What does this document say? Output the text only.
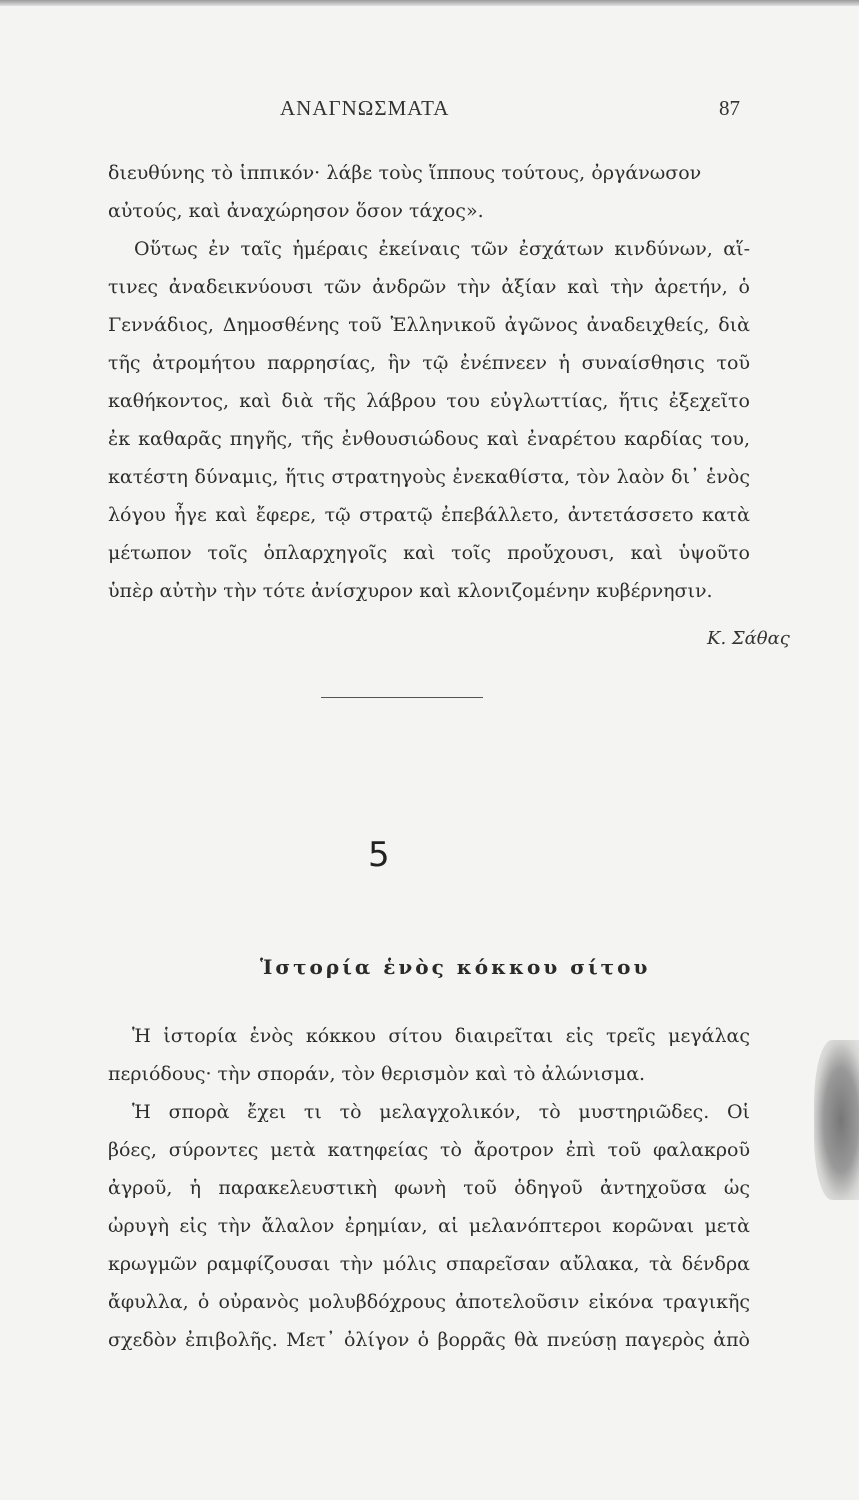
ΑΝΑΓΝΩΣΜΑΤΑ	87
διευθύνης τὸ ἱππικόν· λάβε τοὺς ἵππους τούτους, ὀργάνωσον
αὐτούς, καὶ ἀναχώρησον ὅσον τάχος».
Οὕτως ἐν ταῖς ἡμέραις ἐκείναις τῶν ἐσχάτων κινδύνων, αἵ-
τινες ἀναδεικνύουσι τῶν ἀνδρῶν τὴν ἀξίαν καὶ τὴν ἀρετήν, ὁ
Γεννάδιος, Δημοσθένης τοῦ Ἑλληνικοῦ ἀγῶνος ἀναδειχθείς, διὰ
τῆς ἀτρομήτου παρρησίας, ἣν τῷ ἐνέπνεεν ἡ συναίσθησις τοῦ
καθήκοντος, καὶ διὰ τῆς λάβρου του εὐγλωττίας, ἥτις ἐξεχεῖτο
ἐκ καθαρᾶς πηγῆς, τῆς ἐνθουσιώδους καὶ ἐναρέτου καρδίας του,
κατέστη δύναμις, ἥτις στρατηγοὺς ἐνεκαθίστα, τὸν λαὸν δι᾽ ἑνὸς
λόγου ἦγε καὶ ἔφερε, τῷ στρατῷ ἐπεβάλλετο, ἀντετάσσετο κατὰ
μέτωπον τοῖς ὁπλαρχηγοῖς καὶ τοῖς προὔχουσι, καὶ ὑψοῦτο
ὑπὲρ αὐτὴν τὴν τότε ἀνίσχυρον καὶ κλονιζομένην κυβέρνησιν.
Κ. Σάθας
5
Ἱστορία ἑνὸς κόκκου σίτου
Ἡ ἱστορία ἑνὸς κόκκου σίτου διαιρεῖται εἰς τρεῖς μεγάλας
περιόδους· τὴν σποράν, τὸν θερισμὸν καὶ τὸ ἀλώνισμα.
Ἡ σπορὰ ἔχει τι τὸ μελαγχολικόν, τὸ μυστηριῶδες. Οἱ
βόες, σύροντες μετὰ κατηφείας τὸ ἄροτρον ἐπὶ τοῦ φαλακροῦ
ἀγροῦ, ἡ παρακελευστικὴ φωνὴ τοῦ ὁδηγοῦ ἀντηχοῦσα ὡς
ὠρυγὴ εἰς τὴν ἄλαλον ἐρημίαν, αἱ μελανόπτεροι κορῶναι μετὰ
κρωγμῶν ραμφίζουσαι τὴν μόλις σπαρεῖσαν αὔλακα, τὰ δένδρα
ἄφυλλα, ὁ οὐρανὸς μολυβδόχρους ἀποτελοῦσιν εἰκόνα τραγικῆς
σχεδὸν ἐπιβολῆς. Μετ᾽ ὀλίγον ὁ βορρᾶς θὰ πνεύσῃ παγερὸς ἀπὸ
